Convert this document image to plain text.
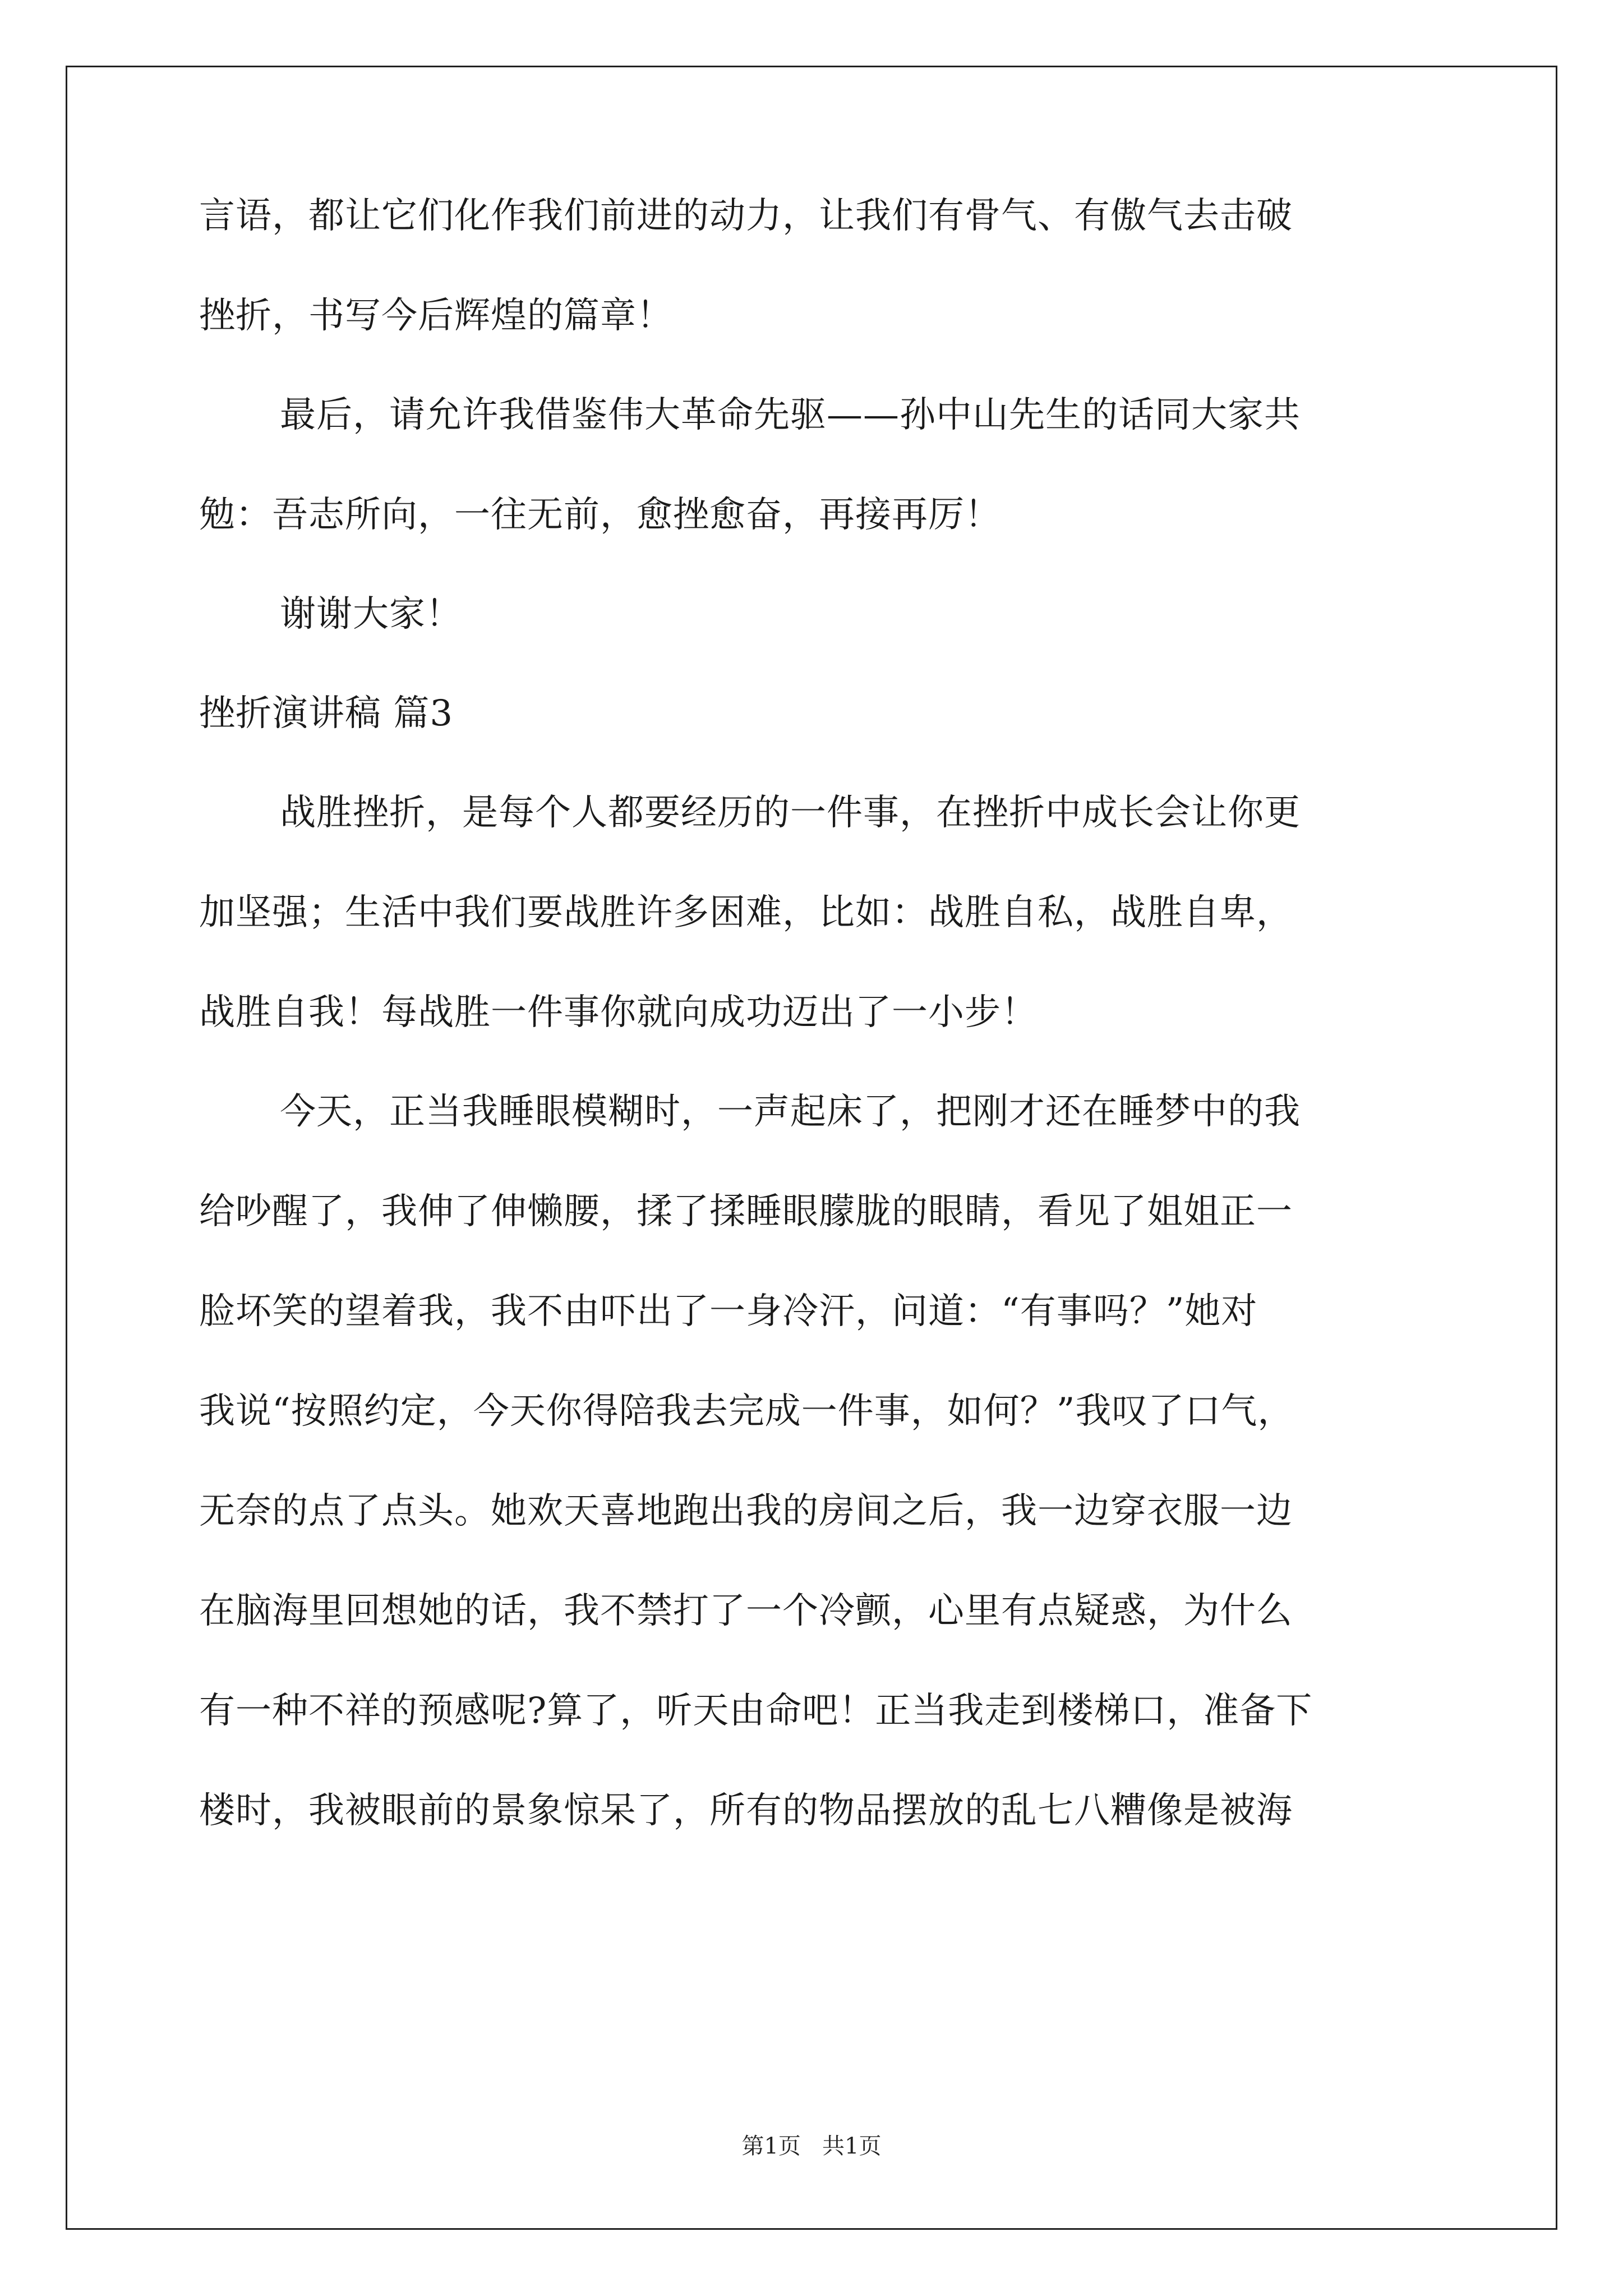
言语，都让它们化作我们前进的动力，让我们有骨气、有傲气去击破
挫折，书写今后辉煌的篇章！
最后，请允许我借鉴伟大革命先驱——孙中山先生的话同大家共
勉：吾志所向，一往无前，愈挫愈奋，再接再厉！
谢谢大家！
挫折演讲稿 篇3
战胜挫折，是每个人都要经历的一件事，在挫折中成长会让你更
加坚强；生活中我们要战胜许多困难，比如：战胜自私，战胜自卑，
战胜自我！每战胜一件事你就向成功迈出了一小步！
今天，正当我睡眼模糊时，一声起床了，把刚才还在睡梦中的我
给吵醒了，我伸了伸懒腰，揉了揉睡眼朦胧的眼睛，看见了姐姐正一
脸坏笑的望着我，我不由吓出了一身冷汗，问道：“有事吗？”她对
我说“按照约定，今天你得陪我去完成一件事，如何？”我叹了口气，
无奈的点了点头。她欢天喜地跑出我的房间之后，我一边穿衣服一边
在脑海里回想她的话，我不禁打了一个冷颤，心里有点疑惑，为什么
有一种不祥的预感呢?算了，听天由命吧！正当我走到楼梯口，准备下
楼时，我被眼前的景象惊呆了，所有的物品摆放的乱七八糟像是被海
第1页   共1页
